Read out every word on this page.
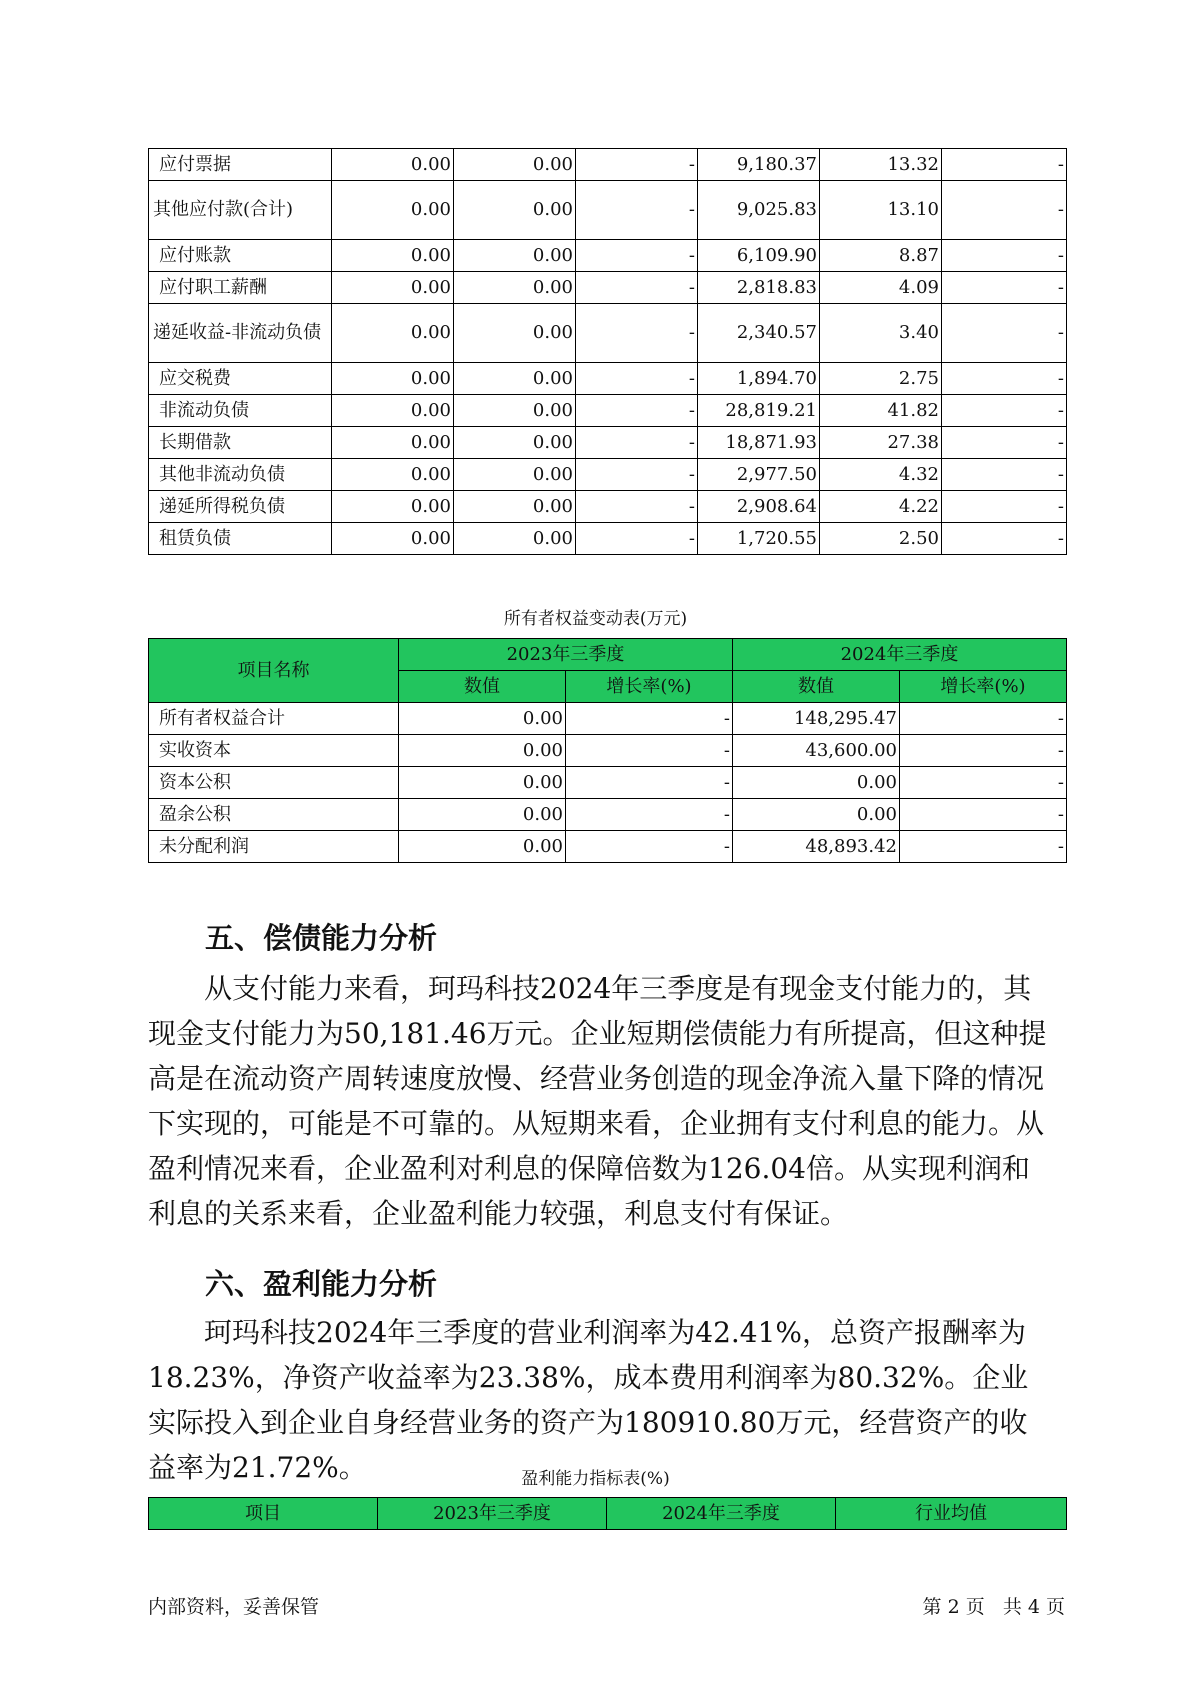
应付票据	0.00	0.00	-	9,180.37	13.32	-
其他应付款(合计)	0.00	0.00	-	9,025.83	13.10	-
应付账款	0.00	0.00	-	6,109.90	8.87	-
应付职工薪酬	0.00	0.00	-	2,818.83	4.09	-
递延收益-非流动负债	0.00	0.00	-	2,340.57	3.40	-
应交税费	0.00	0.00	-	1,894.70	2.75	-
非流动负债	0.00	0.00	-	28,819.21	41.82	-
长期借款	0.00	0.00	-	18,871.93	27.38	-
其他非流动负债	0.00	0.00	-	2,977.50	4.32	-
递延所得税负债	0.00	0.00	-	2,908.64	4.22	-
租赁负债	0.00	0.00	-	1,720.55	2.50	-
所有者权益变动表(万元)
项目名称	2023年三季度		2024年三季度	
	数值	增长率(%)	数值	增长率(%)
所有者权益合计	0.00	-	148,295.47	-
实收资本	0.00	-	43,600.00	-
资本公积	0.00	-	0.00	-
盈余公积	0.00	-	0.00	-
未分配利润	0.00	-	48,893.42	-
五、偿债能力分析
从支付能力来看，珂玛科技2024年三季度是有现金支付能力的，其现金支付能力为50,181.46万元。企业短期偿债能力有所提高，但这种提高是在流动资产周转速度放慢、经营业务创造的现金净流入量下降的情况下实现的，可能是不可靠的。从短期来看，企业拥有支付利息的能力。从盈利情况来看，企业盈利对利息的保障倍数为126.04倍。从实现利润和利息的关系来看，企业盈利能力较强，利息支付有保证。
六、盈利能力分析
珂玛科技2024年三季度的营业利润率为42.41%，总资产报酬率为18.23%，净资产收益率为23.38%，成本费用利润率为80.32%。企业实际投入到企业自身经营业务的资产为180910.80万元，经营资产的收益率为21.72%。	盈利能力指标表(%)
项目	2023年三季度	2024年三季度	行业均值
内部资料，妥善保管	第 2 页   共 4 页
